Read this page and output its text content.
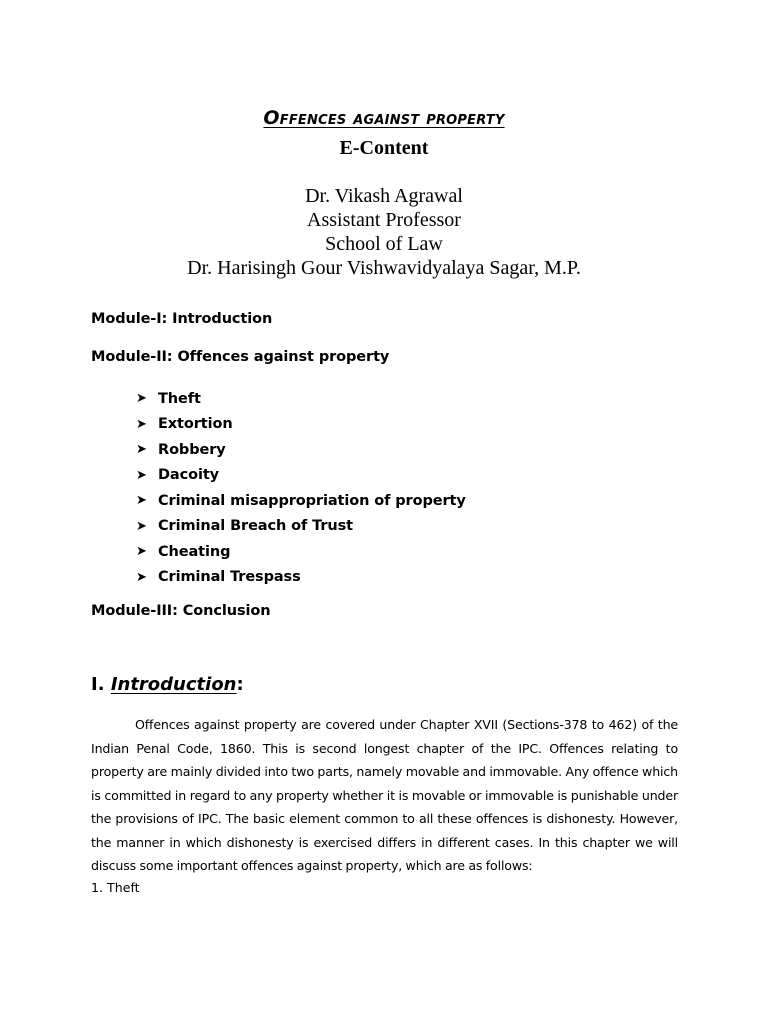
Offences against property

E-Content

Dr. Vikash Agrawal
Assistant Professor
School of Law
Dr. Harisingh Gour Vishwavidyalaya Sagar, M.P.

Module-I: Introduction

Module-II: Offences against property

➤ Theft
➤ Extortion
➤ Robbery
➤ Dacoity
➤ Criminal misappropriation of property
➤ Criminal Breach of Trust
➤ Cheating
➤ Criminal Trespass

Module-III: Conclusion

I. Introduction:

Offences against property are covered under Chapter XVII (Sections-378 to 462) of the Indian Penal Code, 1860. This is second longest chapter of the IPC. Offences relating to property are mainly divided into two parts, namely movable and immovable. Any offence which is committed in regard to any property whether it is movable or immovable is punishable under the provisions of IPC. The basic element common to all these offences is dishonesty. However, the manner in which dishonesty is exercised differs in different cases. In this chapter we will discuss some important offences against property, which are as follows:

1. Theft
